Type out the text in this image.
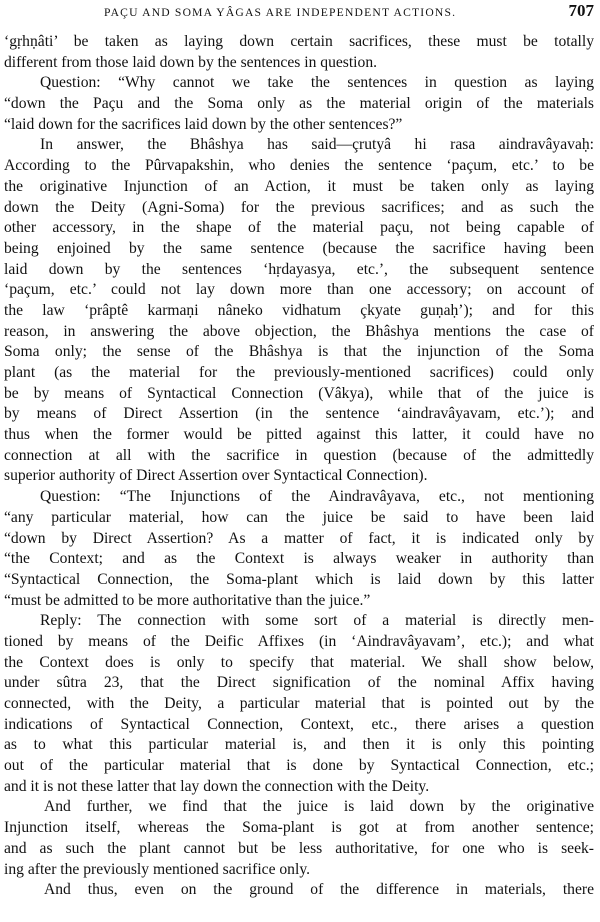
PAÇU AND SOMA YÂGAS ARE INDEPENDENT ACTIONS.	707
‘gṛhṇâti’ be taken as laying down certain sacrifices, these must be totally
different from those laid down by the sentences in question.
Question: “Why cannot we take the sentences in question as laying
“down the Paçu and the Soma only as the material origin of the materials
“laid down for the sacrifices laid down by the other sentences?”
In answer, the Bhâshya has said—çrutyâ hi rasa aindravâyavaḥ:
According to the Pûrvapakshin, who denies the sentence ‘paçum, etc.’ to be
the originative Injunction of an Action, it must be taken only as laying
down the Deity (Agni-Soma) for the previous sacrifices; and as such the
other accessory, in the shape of the material paçu, not being capable of
being enjoined by the same sentence (because the sacrifice having been
laid down by the sentences ‘hṛdayasya, etc.’, the subsequent sentence
‘paçum, etc.’ could not lay down more than one accessory; on account of
the law ‘prâptê karmaṇi nâneko vidhatum çkyate guṇaḥ’); and for this
reason, in answering the above objection, the Bhâshya mentions the case of
Soma only; the sense of the Bhâshya is that the injunction of the Soma
plant (as the material for the previously-mentioned sacrifices) could only
be by means of Syntactical Connection (Vâkya), while that of the juice is
by means of Direct Assertion (in the sentence ‘aindravâyavam, etc.’); and
thus when the former would be pitted against this latter, it could have no
connection at all with the sacrifice in question (because of the admittedly
superior authority of Direct Assertion over Syntactical Connection).
Question: “The Injunctions of the Aindravâyava, etc., not mentioning
“any particular material, how can the juice be said to have been laid
“down by Direct Assertion? As a matter of fact, it is indicated only by
“the Context; and as the Context is always weaker in authority than
“Syntactical Connection, the Soma-plant which is laid down by this latter
“must be admitted to be more authoritative than the juice.”
Reply: The connection with some sort of a material is directly men-
tioned by means of the Deific Affixes (in ‘Aindravâyavam’, etc.); and what
the Context does is only to specify that material. We shall show below,
under sûtra 23, that the Direct signification of the nominal Affix having
connected, with the Deity, a particular material that is pointed out by the
indications of Syntactical Connection, Context, etc., there arises a question
as to what this particular material is, and then it is only this pointing
out of the particular material that is done by Syntactical Connection, etc.;
and it is not these latter that lay down the connection with the Deity.
And further, we find that the juice is laid down by the originative
Injunction itself, whereas the Soma-plant is got at from another sentence;
and as such the plant cannot but be less authoritative, for one who is seek-
ing after the previously mentioned sacrifice only.
And thus, even on the ground of the difference in materials, there
